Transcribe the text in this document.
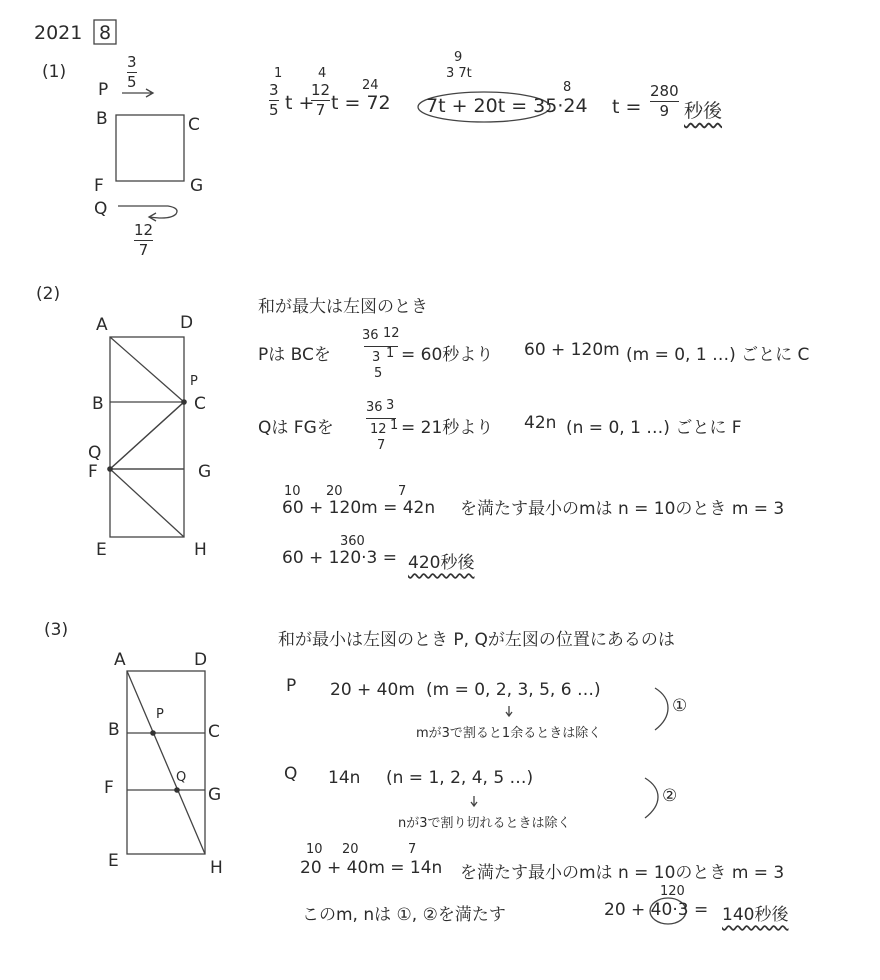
2021 8
(1)
P
3
5
B	C
F	G
Q
12
7
1
3
5 t +
4
12
7 t = 72
24
9
3 7t
7t + 20t = 35·24
8
t =
280
9 秒後
(2)
A	D
B
P
C
Q
F	G
E	H
和が最大は左図のとき
Pは BCを
36 12
3 1
5
= 60秒より 60 + 120m (m = 0, 1 …) ごとに C
Qは FGを
36 3
12 1
7
= 21秒より 42n (n = 0, 1 …) ごとに F
10 20	7
60 + 120m = 42n を満たす最小のmは n = 10のとき m = 3
360
60 + 120·3 = 420秒後
(3)
A	D
B
P
C
F
Q
G
E	H
和が最小は左図のとき P, Qが左図の位置にあるのは
P 20 + 40m (m = 0, 2, 3, 5, 6 …)
mが3で割ると1余るときは除く
①
Q 14n (n = 1, 2, 4, 5 …)
nが3で割り切れるときは除く
②
10 20	7
20 + 40m = 14n を満たす最小のmは n = 10のとき m = 3
このm, nは ①, ②を満たす
120
20 + 40·3 = 140秒後
